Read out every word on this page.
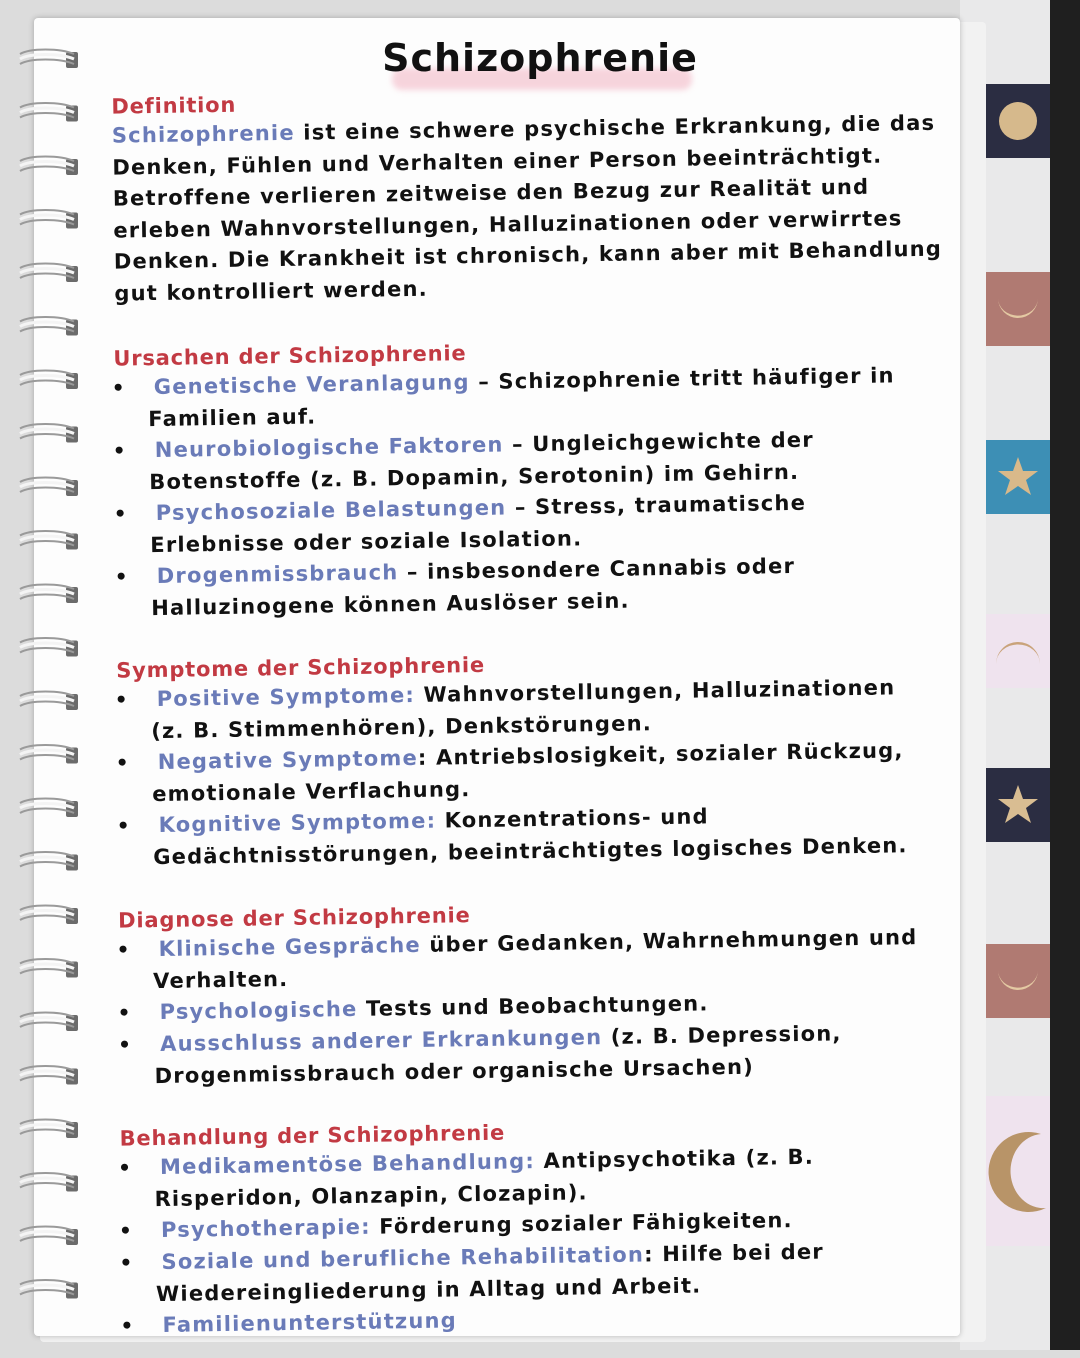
Schizophrenie
Definition
Schizophrenie ist eine schwere psychische Erkrankung, die das
Denken, Fühlen und Verhalten einer Person beeinträchtigt.
Betroffene verlieren zeitweise den Bezug zur Realität und
erleben Wahnvorstellungen, Halluzinationen oder verwirrtes
Denken. Die Krankheit ist chronisch, kann aber mit Behandlung
gut kontrolliert werden.
Ursachen der Schizophrenie
• Genetische Veranlagung – Schizophrenie tritt häufiger in
Familien auf.
• Neurobiologische Faktoren – Ungleichgewichte der
Botenstoffe (z. B. Dopamin, Serotonin) im Gehirn.
• Psychosoziale Belastungen – Stress, traumatische
Erlebnisse oder soziale Isolation.
• Drogenmissbrauch – insbesondere Cannabis oder
Halluzinogene können Auslöser sein.
Symptome der Schizophrenie
• Positive Symptome: Wahnvorstellungen, Halluzinationen
(z. B. Stimmenhören), Denkstörungen.
• Negative Symptome: Antriebslosigkeit, sozialer Rückzug,
emotionale Verflachung.
• Kognitive Symptome: Konzentrations- und
Gedächtnisstörungen, beeinträchtigtes logisches Denken.
Diagnose der Schizophrenie
• Klinische Gespräche über Gedanken, Wahrnehmungen und
Verhalten.
• Psychologische Tests und Beobachtungen.
• Ausschluss anderer Erkrankungen (z. B. Depression,
Drogenmissbrauch oder organische Ursachen)
Behandlung der Schizophrenie
• Medikamentöse Behandlung: Antipsychotika (z. B.
Risperidon, Olanzapin, Clozapin).
• Psychotherapie: Förderung sozialer Fähigkeiten.
• Soziale und berufliche Rehabilitation: Hilfe bei der
Wiedereingliederung in Alltag und Arbeit.
• Familienunterstützung
